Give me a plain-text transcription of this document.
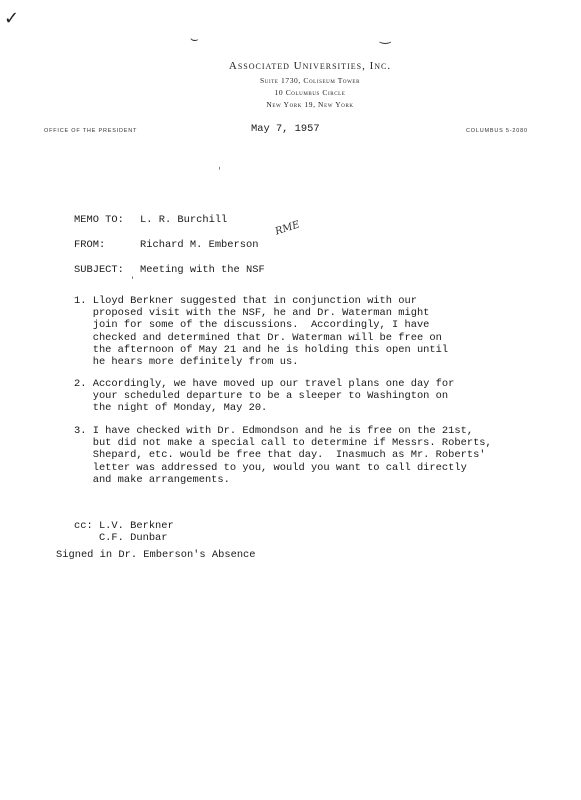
✓
⌣	‿
ˌ
ˈ
Associated Universities, Inc.
Suite 1730, Coliseum Tower
10 Columbus Circle
New York 19, New York
OFFICE OF THE PRESIDENT	COLUMBUS 5-2080
May 7, 1957

MEMO TO:

L. R. Burchill

FROM:

	Richard M. Emberson

RME

SUBJECT:

Meeting with the NSF

1. Lloyd Berkner suggested that in conjunction with our
proposed visit with the NSF, he and Dr. Waterman might
join for some of the discussions.  Accordingly, I have
checked and determined that Dr. Waterman will be free on
the afternoon of May 21 and he is holding this open until
he hears more definitely from us.

2. Accordingly, we have moved up our travel plans one day for
your scheduled departure to be a sleeper to Washington on
the night of Monday, May 20.

3. I have checked with Dr. Edmondson and he is free on the 21st,
but did not make a special call to determine if Messrs. Roberts,
Shepard, etc. would be free that day.  Inasmuch as Mr. Roberts'
letter was addressed to you, would you want to call directly
and make arrangements.

cc: L.V. Berkner
C.F. Dunbar

Signed in Dr. Emberson's Absence
